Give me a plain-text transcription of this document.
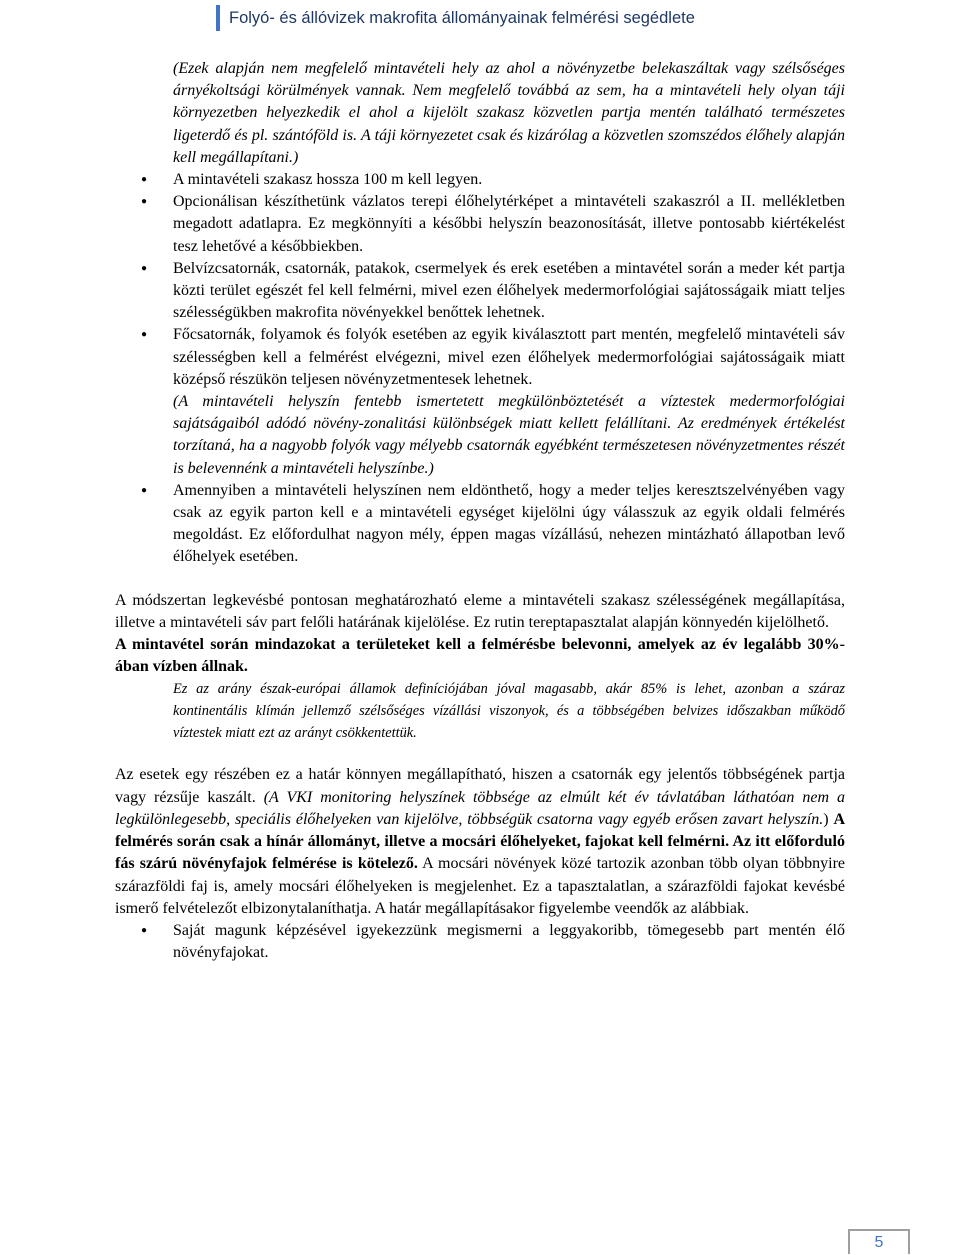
Folyó- és állóvizek makrofita állományainak felmérési segédlete

(Ezek alapján nem megfelelő mintavételi hely az ahol a növényzetbe belekaszáltak vagy szélsőséges árnyékoltsági körülmények vannak. Nem megfelelő továbbá az sem, ha a mintavételi hely olyan táji környezetben helyezkedik el ahol a kijelölt szakasz közvetlen partja mentén található természetes ligeterdő és pl. szántóföld is. A táji környezetet csak és kizárólag a közvetlen szomszédos élőhely alapján kell megállapítani.)

● A mintavételi szakasz hossza 100 m kell legyen.

● Opcionálisan készíthetünk vázlatos terepi élőhelytérképet a mintavételi szakaszról a II. mellékletben megadott adatlapra. Ez megkönnyíti a későbbi helyszín beazonosítását, illetve pontosabb kiértékelést tesz lehetővé a későbbiekben.

● Belvízcsatornák, csatornák, patakok, csermelyek és erek esetében a mintavétel során a meder két partja közti terület egészét fel kell felmérni, mivel ezen élőhelyek medermorfológiai sajátosságaik miatt teljes szélességükben makrofita növényekkel benőttek lehetnek.

● Főcsatornák, folyamok és folyók esetében az egyik kiválasztott part mentén, megfelelő mintavételi sáv szélességben kell a felmérést elvégezni, mivel ezen élőhelyek medermorfológiai sajátosságaik miatt középső részükön teljesen növényzetmentesek lehetnek.

(A mintavételi helyszín fentebb ismertetett megkülönböztetését a víztestek medermorfológiai sajátságaiból adódó növény-zonalitási különbségek miatt kellett felállítani. Az eredmények értékelést torzítaná, ha a nagyobb folyók vagy mélyebb csatornák egyébként természetesen növényzetmentes részét is belevennénk a mintavételi helyszínbe.)

● Amennyiben a mintavételi helyszínen nem eldönthető, hogy a meder teljes keresztszelvényében vagy csak az egyik parton kell e a mintavételi egységet kijelölni úgy válasszuk az egyik oldali felmérés megoldást. Ez előfordulhat nagyon mély, éppen magas vízállású, nehezen mintázható állapotban levő élőhelyek esetében.

A módszertan legkevésbé pontosan meghatározható eleme a mintavételi szakasz szélességének megállapítása, illetve a mintavételi sáv part felőli határának kijelölése. Ez rutin tereptapasztalat alapján könnyedén kijelölhető.

A mintavétel során mindazokat a területeket kell a felmérésbe belevonni, amelyek az év legalább 30%-ában vízben állnak.

Ez az arány észak-európai államok definíciójában jóval magasabb, akár 85% is lehet, azonban a száraz kontinentális klímán jellemző szélsőséges vízállási viszonyok, és a többségében belvizes időszakban működő víztestek miatt ezt az arányt csökkentettük.

Az esetek egy részében ez a határ könnyen megállapítható, hiszen a csatornák egy jelentős többségének partja vagy rézsűje kaszált. (A VKI monitoring helyszínek többsége az elmúlt két év távlatában láthatóan nem a legkülönlegesebb, speciális élőhelyeken van kijelölve, többségük csatorna vagy egyéb erősen zavart helyszín.) A felmérés során csak a hínár állományt, illetve a mocsári élőhelyeket, fajokat kell felmérni. Az itt előforduló fás szárú növényfajok felmérése is kötelező. A mocsári növények közé tartozik azonban több olyan többnyire szárazföldi faj is, amely mocsári élőhelyeken is megjelenhet. Ez a tapasztalatlan, a szárazföldi fajokat kevésbé ismerő felvételezőt elbizonytalaníthatja. A határ megállapításakor figyelembe veendők az alábbiak.

● Saját magunk képzésével igyekezzünk megismerni a leggyakoribb, tömegesebb part mentén élő növényfajokat.

5
